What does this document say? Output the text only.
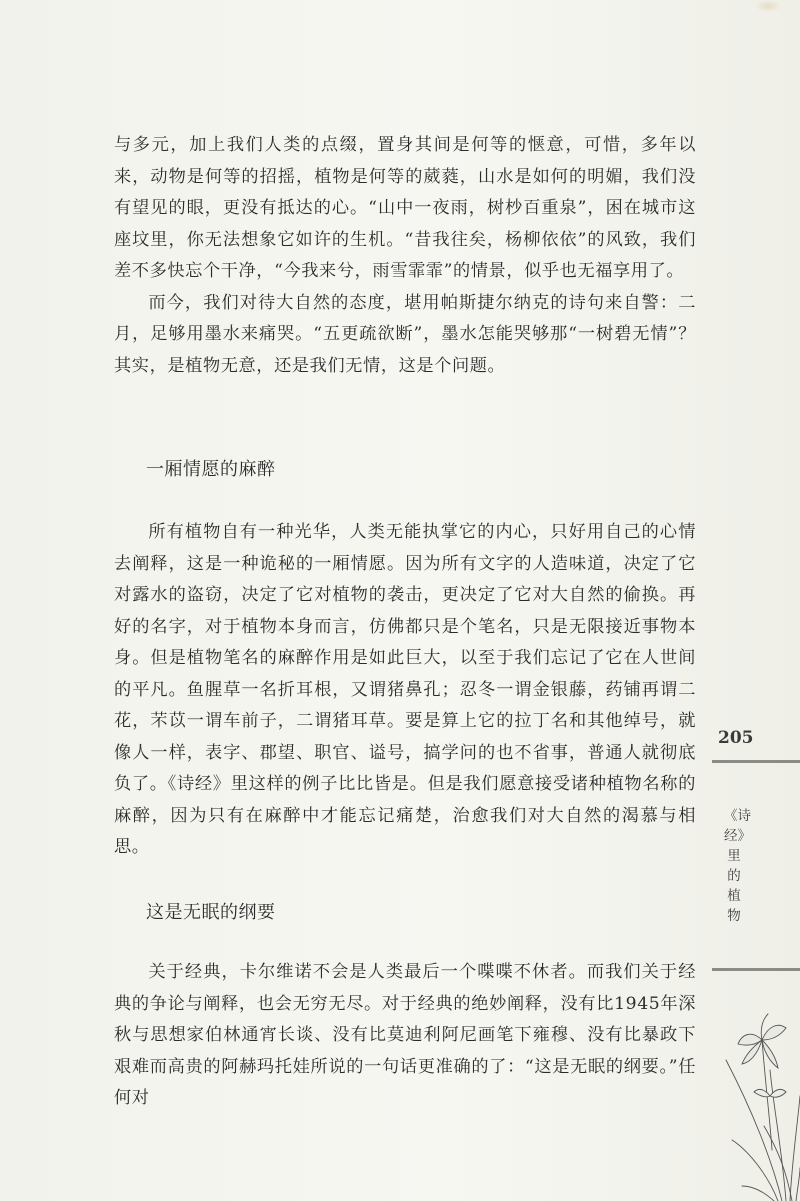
与多元，加上我们人类的点缀，置身其间是何等的惬意，可惜，多年以来，动物是何等的招摇，植物是何等的葳蕤，山水是如何的明媚，我们没有望见的眼，更没有抵达的心。“山中一夜雨，树杪百重泉”，困在城市这座坟里，你无法想象它如许的生机。“昔我往矣，杨柳依依”的风致，我们差不多快忘个干净，“今我来兮，雨雪霏霏”的情景，似乎也无福享用了。

而今，我们对待大自然的态度，堪用帕斯捷尔纳克的诗句来自警：二月，足够用墨水来痛哭。“五更疏欲断”，墨水怎能哭够那“一树碧无情”？其实，是植物无意，还是我们无情，这是个问题。

一厢情愿的麻醉

所有植物自有一种光华，人类无能执掌它的内心，只好用自己的心情去阐释，这是一种诡秘的一厢情愿。因为所有文字的人造味道，决定了它对露水的盗窃，决定了它对植物的袭击，更决定了它对大自然的偷换。再好的名字，对于植物本身而言，仿佛都只是个笔名，只是无限接近事物本身。但是植物笔名的麻醉作用是如此巨大，以至于我们忘记了它在人世间的平凡。鱼腥草一名折耳根，又谓猪鼻孔；忍冬一谓金银藤，药铺再谓二花，芣苡一谓车前子，二谓猪耳草。要是算上它的拉丁名和其他绰号，就像人一样，表字、郡望、职官、谥号，搞学问的也不省事，普通人就彻底负了。《诗经》里这样的例子比比皆是。但是我们愿意接受诸种植物名称的麻醉，因为只有在麻醉中才能忘记痛楚，治愈我们对大自然的渴慕与相思。

这是无眠的纲要

关于经典，卡尔维诺不会是人类最后一个喋喋不休者。而我们关于经典的争论与阐释，也会无穷无尽。对于经典的绝妙阐释，没有比1945年深秋与思想家伯林通宵长谈、没有比莫迪利阿尼画笔下雍穆、没有比暴政下艰难而高贵的阿赫玛托娃所说的一句话更准确的了：“这是无眠的纲要。”任何对

205
《诗经》里的植物
